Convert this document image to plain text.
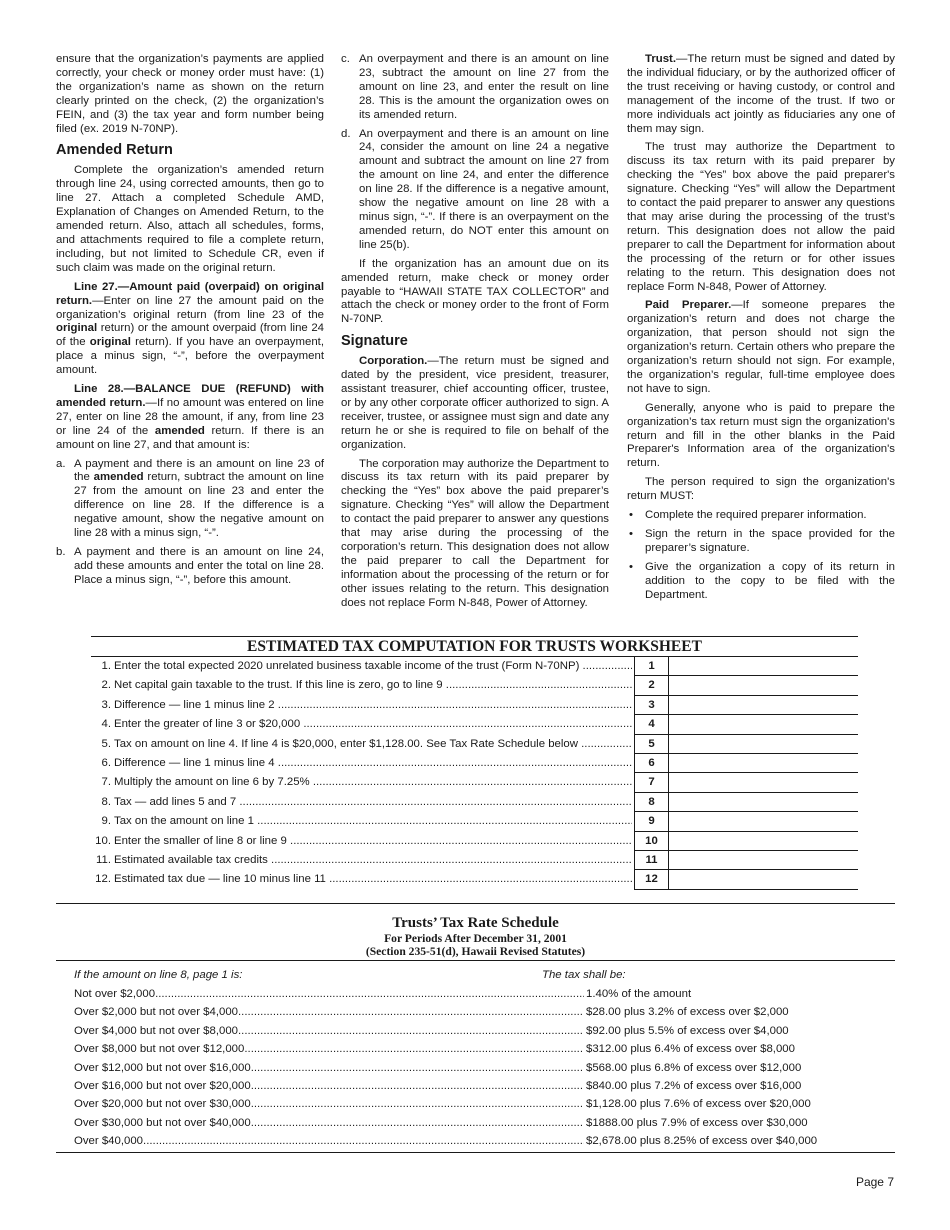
ensure that the organization’s payments are applied correctly, your check or money order must have: (1) the organization’s name as shown on the return clearly printed on the check, (2) the organization’s FEIN, and (3) the tax year and form number being filed (ex. 2019 N-70NP).

Amended Return

Complete the organization’s amended return through line 24, using corrected amounts, then go to line 27. Attach a completed Schedule AMD, Explanation of Changes on Amended Return, to the amended return. Also, attach all schedules, forms, and attachments required to file a complete return, including, but not limited to Schedule CR, even if such claim was made on the original return.

Line 27.—Amount paid (overpaid) on original return.—Enter on line 27 the amount paid on the organization’s original return (from line 23 of the original return) or the amount overpaid (from line 24 of the original return). If you have an overpayment, place a minus sign, “-”, before the overpayment amount.

Line 28.—BALANCE DUE (REFUND) with amended return.—If no amount was entered on line 27, enter on line 28 the amount, if any, from line 23 or line 24 of the amended return. If there is an amount on line 27, and that amount is:

a. A payment and there is an amount on line 23 of the amended return, subtract the amount on line 27 from the amount on line 23 and enter the difference on line 28. If the difference is a negative amount, show the negative amount on line 28 with a minus sign, “-”.
b. A payment and there is an amount on line 24, add these amounts and enter the total on line 28. Place a minus sign, “-”, before this amount.
c. An overpayment and there is an amount on line 23, subtract the amount on line 27 from the amount on line 23, and enter the result on line 28. This is the amount the organization owes on its amended return.
d. An overpayment and there is an amount on line 24, consider the amount on line 24 a negative amount and subtract the amount on line 27 from the amount on line 24, and enter the difference on line 28. If the difference is a negative amount, show the negative amount on line 28 with a minus sign, “-”. If there is an overpayment on the amended return, do NOT enter this amount on line 25(b).

If the organization has an amount due on its amended return, make check or money order payable to “HAWAII STATE TAX COLLECTOR” and attach the check or money order to the front of Form N-70NP.

Signature

Corporation.—The return must be signed and dated by the president, vice president, treasurer, assistant treasurer, chief accounting officer, trustee, or by any other corporate officer authorized to sign. A receiver, trustee, or assignee must sign and date any return he or she is required to file on behalf of the organization.

The corporation may authorize the Department to discuss its tax return with its paid preparer by checking the “Yes” box above the paid preparer’s signature. Checking “Yes” will allow the Department to contact the paid preparer to answer any questions that may arise during the processing of the corporation’s return. This designation does not allow the paid preparer to call the Department for information about the processing of the return or for other issues relating to the return. This designation does not replace Form N-848, Power of Attorney.

Trust.—The return must be signed and dated by the individual fiduciary, or by the authorized officer of the trust receiving or having custody, or control and management of the income of the trust. If two or more individuals act jointly as fiduciaries any one of them may sign.

The trust may authorize the Department to discuss its tax return with its paid preparer by checking the “Yes” box above the paid preparer's signature. Checking “Yes” will allow the Department to contact the paid preparer to answer any questions that may arise during the processing of the trust’s return. This designation does not allow the paid preparer to call the Department for information about the processing of the return or for other issues relating to the return. This designation does not replace Form N-848, Power of Attorney.

Paid Preparer.—If someone prepares the organization’s return and does not charge the organization, that person should not sign the organization’s return. Certain others who prepare the organization’s return should not sign. For example, the organization’s regular, full-time employee does not have to sign.

Generally, anyone who is paid to prepare the organization’s tax return must sign the organization's return and fill in the other blanks in the Paid Preparer's Information area of the organization's return.

The person required to sign the organization's return MUST:

• Complete the required preparer information.
• Sign the return in the space provided for the preparer’s signature.
• Give the organization a copy of its return in addition to the copy to be filed with the Department.
ESTIMATED TAX COMPUTATION FOR TRUSTS WORKSHEET
1. Enter the total expected 2020 unrelated business taxable income of the trust (Form N-70NP) .....	1
2. Net capital gain taxable to the trust. If this line is zero, go to line 9 .....	2
3. Difference — line 1 minus line 2 .....	3
4. Enter the greater of line 3 or $20,000 .....	4
5. Tax on amount on line 4. If line 4 is $20,000, enter $1,128.00. See Tax Rate Schedule below .....	5
6. Difference — line 1 minus line 4 .....	6
7. Multiply the amount on line 6 by 7.25% .....	7
8. Tax — add lines 5 and 7 .....	8
9. Tax on the amount on line 1 .....	9
10. Enter the smaller of line 8 or line 9 .....	10
11. Estimated available tax credits .....	11
12. Estimated tax due — line 10 minus line 11 .....	12
Trusts’ Tax Rate Schedule
For Periods After December 31, 2001
(Section 235-51(d), Hawaii Revised Statutes)
If the amount on line 8, page 1 is:	The tax shall be:
Not over $2,000 .....	1.40% of the amount
Over $2,000 but not over $4,000 .....	$28.00 plus 3.2% of excess over $2,000
Over $4,000 but not over $8,000 .....	$92.00 plus 5.5% of excess over $4,000
Over $8,000 but not over $12,000 .....	$312.00 plus 6.4% of excess over $8,000
Over $12,000 but not over $16,000 .....	$568.00 plus 6.8% of excess over $12,000
Over $16,000 but not over $20,000 .....	$840.00 plus 7.2% of excess over $16,000
Over $20,000 but not over $30,000 .....	$1,128.00 plus 7.6% of excess over $20,000
Over $30,000 but not over $40,000 .....	$1888.00 plus 7.9% of excess over $30,000
Over $40,000 .....	$2,678.00 plus 8.25% of excess over $40,000
Page 7
